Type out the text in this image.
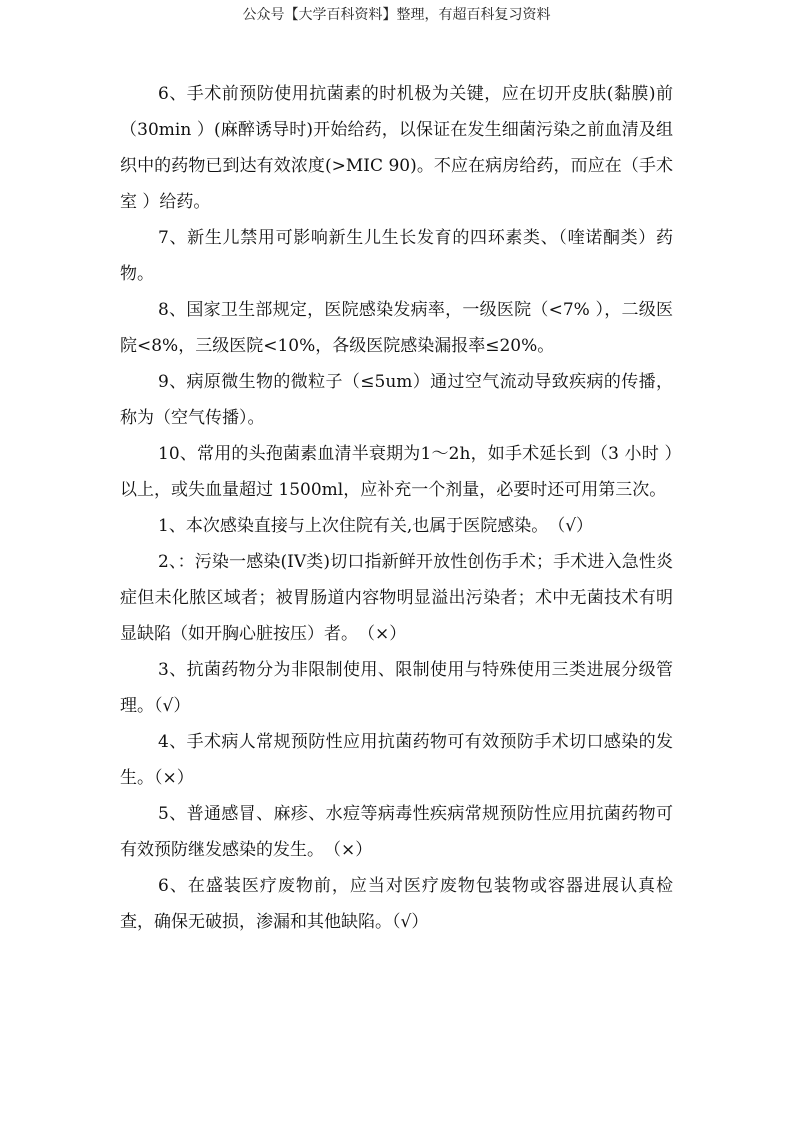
公众号【大学百科资料】整理，有超百科复习资料

6、手术前预防使用抗菌素的时机极为关键，应在切开皮肤(黏膜)前（30min ）(麻醉诱导时)开始给药，以保证在发生细菌污染之前血清及组织中的药物已到达有效浓度(>MIC 90)。不应在病房给药，而应在（手术室 ）给药。

7、新生儿禁用可影响新生儿生长发育的四环素类、（喹诺酮类）药物。

8、国家卫生部规定，医院感染发病率，一级医院（<7% ），二级医院<8%，三级医院<10%，各级医院感染漏报率≤20%。

9、病原微生物的微粒子（≤5um）通过空气流动导致疾病的传播，称为（空气传播）。

10、常用的头孢菌素血清半衰期为1～2h，如手术延长到（3 小时 ）以上，或失血量超过 1500ml，应补充一个剂量，必要时还可用第三次。

1、本次感染直接与上次住院有关,也属于医院感染。　（√）

2、：污染一感染(IV类)切口指新鲜开放性创伤手术；手术进入急性炎症但未化脓区域者；被胃肠道内容物明显溢出污染者；术中无菌技术有明显缺陷（如开胸心脏按压）者。　（×）

3、抗菌药物分为非限制使用、限制使用与特殊使用三类进展分级管理。（√）

4、手术病人常规预防性应用抗菌药物可有效预防手术切口感染的发生。（×）

5、普通感冒、麻疹、水痘等病毒性疾病常规预防性应用抗菌药物可有效预防继发感染的发生。　（×）

6、在盛装医疗废物前，应当对医疗废物包装物或容器进展认真检查，确保无破损，渗漏和其他缺陷。（√）
